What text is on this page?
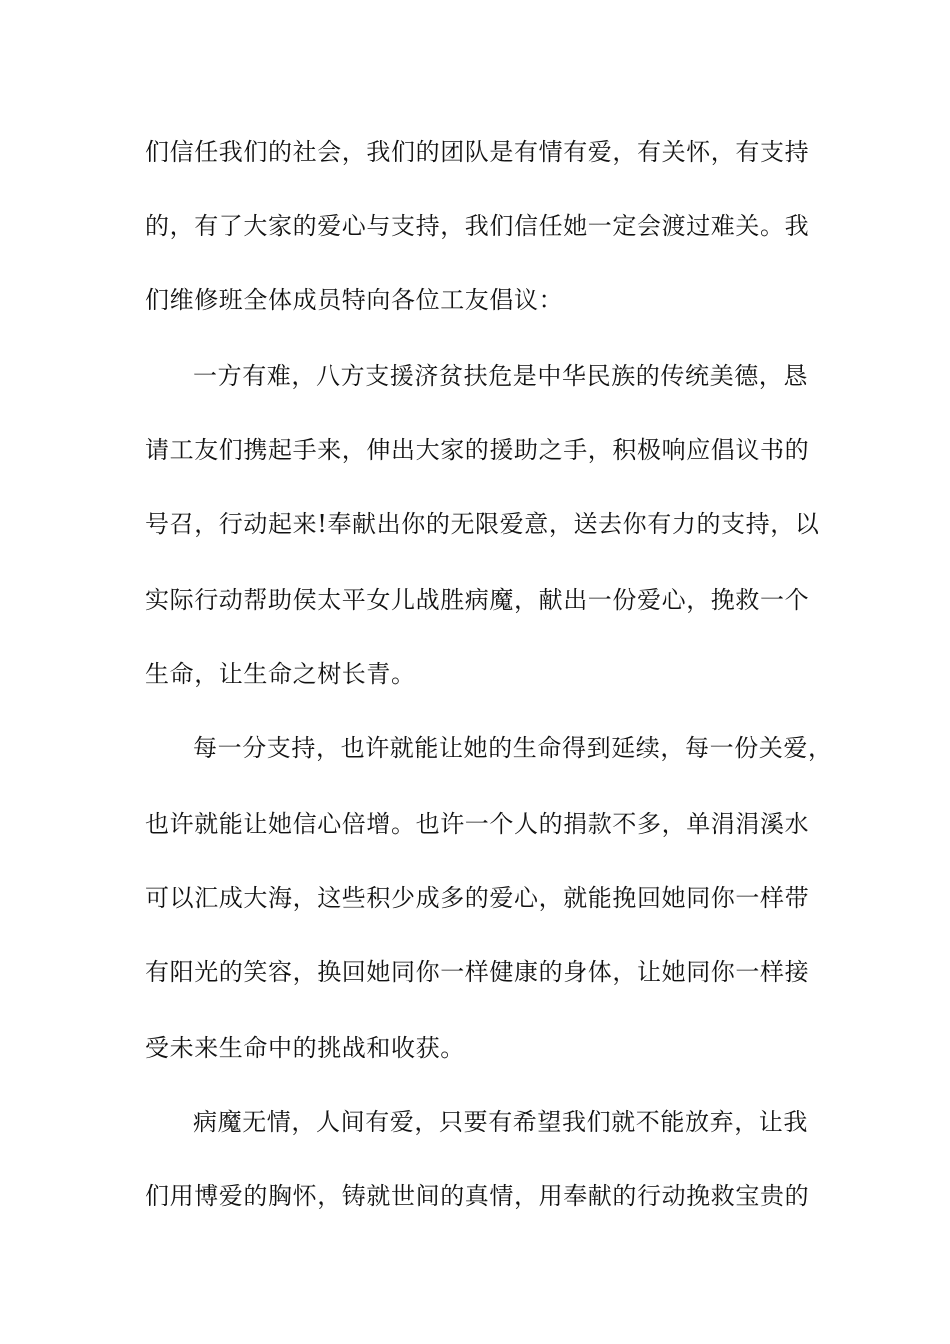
们信任我们的社会，我们的团队是有情有爱，有关怀，有支持
的，有了大家的爱心与支持，我们信任她一定会渡过难关。我
们维修班全体成员特向各位工友倡议：
一方有难，八方支援济贫扶危是中华民族的传统美德，恳
请工友们携起手来，伸出大家的援助之手，积极响应倡议书的
号召，行动起来!奉献出你的无限爱意，送去你有力的支持，以
实际行动帮助侯太平女儿战胜病魔，献出一份爱心，挽救一个
生命，让生命之树长青。
每一分支持，也许就能让她的生命得到延续，每一份关爱，
也许就能让她信心倍增。也许一个人的捐款不多，单涓涓溪水
可以汇成大海，这些积少成多的爱心，就能挽回她同你一样带
有阳光的笑容，换回她同你一样健康的身体，让她同你一样接
受未来生命中的挑战和收获。
病魔无情，人间有爱，只要有希望我们就不能放弃，让我
们用博爱的胸怀，铸就世间的真情，用奉献的行动挽救宝贵的
